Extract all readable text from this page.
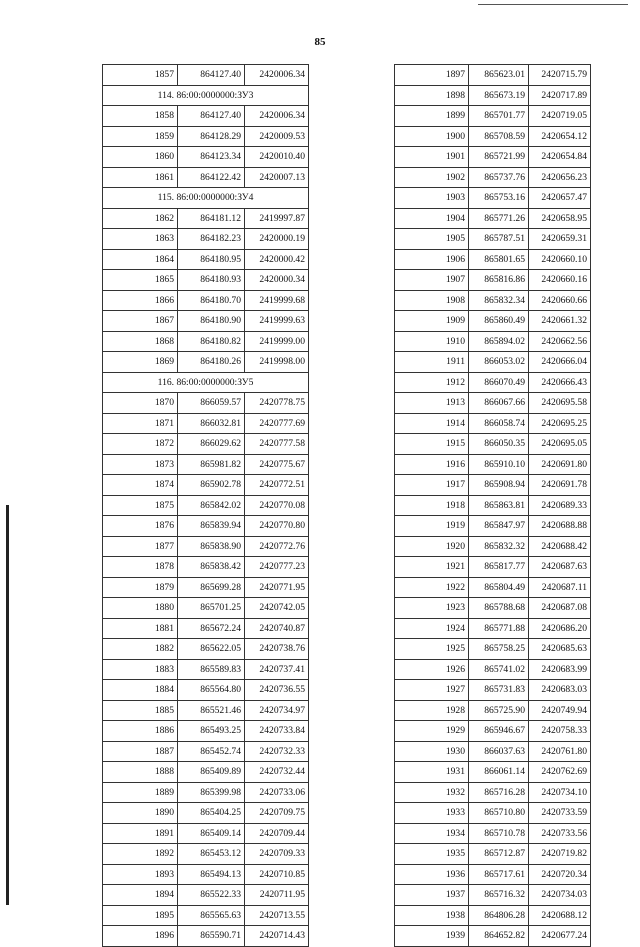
85
1857	864127.40	2420006.34
114. 86:00:0000000:ЗУ3		
1858	864127.40	2420006.34
1859	864128.29	2420009.53
1860	864123.34	2420010.40
1861	864122.42	2420007.13
115. 86:00:0000000:ЗУ4		
1862	864181.12	2419997.87
1863	864182.23	2420000.19
1864	864180.95	2420000.42
1865	864180.93	2420000.34
1866	864180.70	2419999.68
1867	864180.90	2419999.63
1868	864180.82	2419999.00
1869	864180.26	2419998.00
116. 86:00:0000000:ЗУ5		
1870	866059.57	2420778.75
1871	866032.81	2420777.69
1872	866029.62	2420777.58
1873	865981.82	2420775.67
1874	865902.78	2420772.51
1875	865842.02	2420770.08
1876	865839.94	2420770.80
1877	865838.90	2420772.76
1878	865838.42	2420777.23
1879	865699.28	2420771.95
1880	865701.25	2420742.05
1881	865672.24	2420740.87
1882	865622.05	2420738.76
1883	865589.83	2420737.41
1884	865564.80	2420736.55
1885	865521.46	2420734.97
1886	865493.25	2420733.84
1887	865452.74	2420732.33
1888	865409.89	2420732.44
1889	865399.98	2420733.06
1890	865404.25	2420709.75
1891	865409.14	2420709.44
1892	865453.12	2420709.33
1893	865494.13	2420710.85
1894	865522.33	2420711.95
1895	865565.63	2420713.55
1896	865590.71	2420714.43
1897	865623.01	2420715.79
1898	865673.19	2420717.89
1899	865701.77	2420719.05
1900	865708.59	2420654.12
1901	865721.99	2420654.84
1902	865737.76	2420656.23
1903	865753.16	2420657.47
1904	865771.26	2420658.95
1905	865787.51	2420659.31
1906	865801.65	2420660.10
1907	865816.86	2420660.16
1908	865832.34	2420660.66
1909	865860.49	2420661.32
1910	865894.02	2420662.56
1911	866053.02	2420666.04
1912	866070.49	2420666.43
1913	866067.66	2420695.58
1914	866058.74	2420695.25
1915	866050.35	2420695.05
1916	865910.10	2420691.80
1917	865908.94	2420691.78
1918	865863.81	2420689.33
1919	865847.97	2420688.88
1920	865832.32	2420688.42
1921	865817.77	2420687.63
1922	865804.49	2420687.11
1923	865788.68	2420687.08
1924	865771.88	2420686.20
1925	865758.25	2420685.63
1926	865741.02	2420683.99
1927	865731.83	2420683.03
1928	865725.90	2420749.94
1929	865946.67	2420758.33
1930	866037.63	2420761.80
1931	866061.14	2420762.69
1932	865716.28	2420734.10
1933	865710.80	2420733.59
1934	865710.78	2420733.56
1935	865712.87	2420719.82
1936	865717.61	2420720.34
1937	865716.32	2420734.03
1938	864806.28	2420688.12
1939	864652.82	2420677.24
